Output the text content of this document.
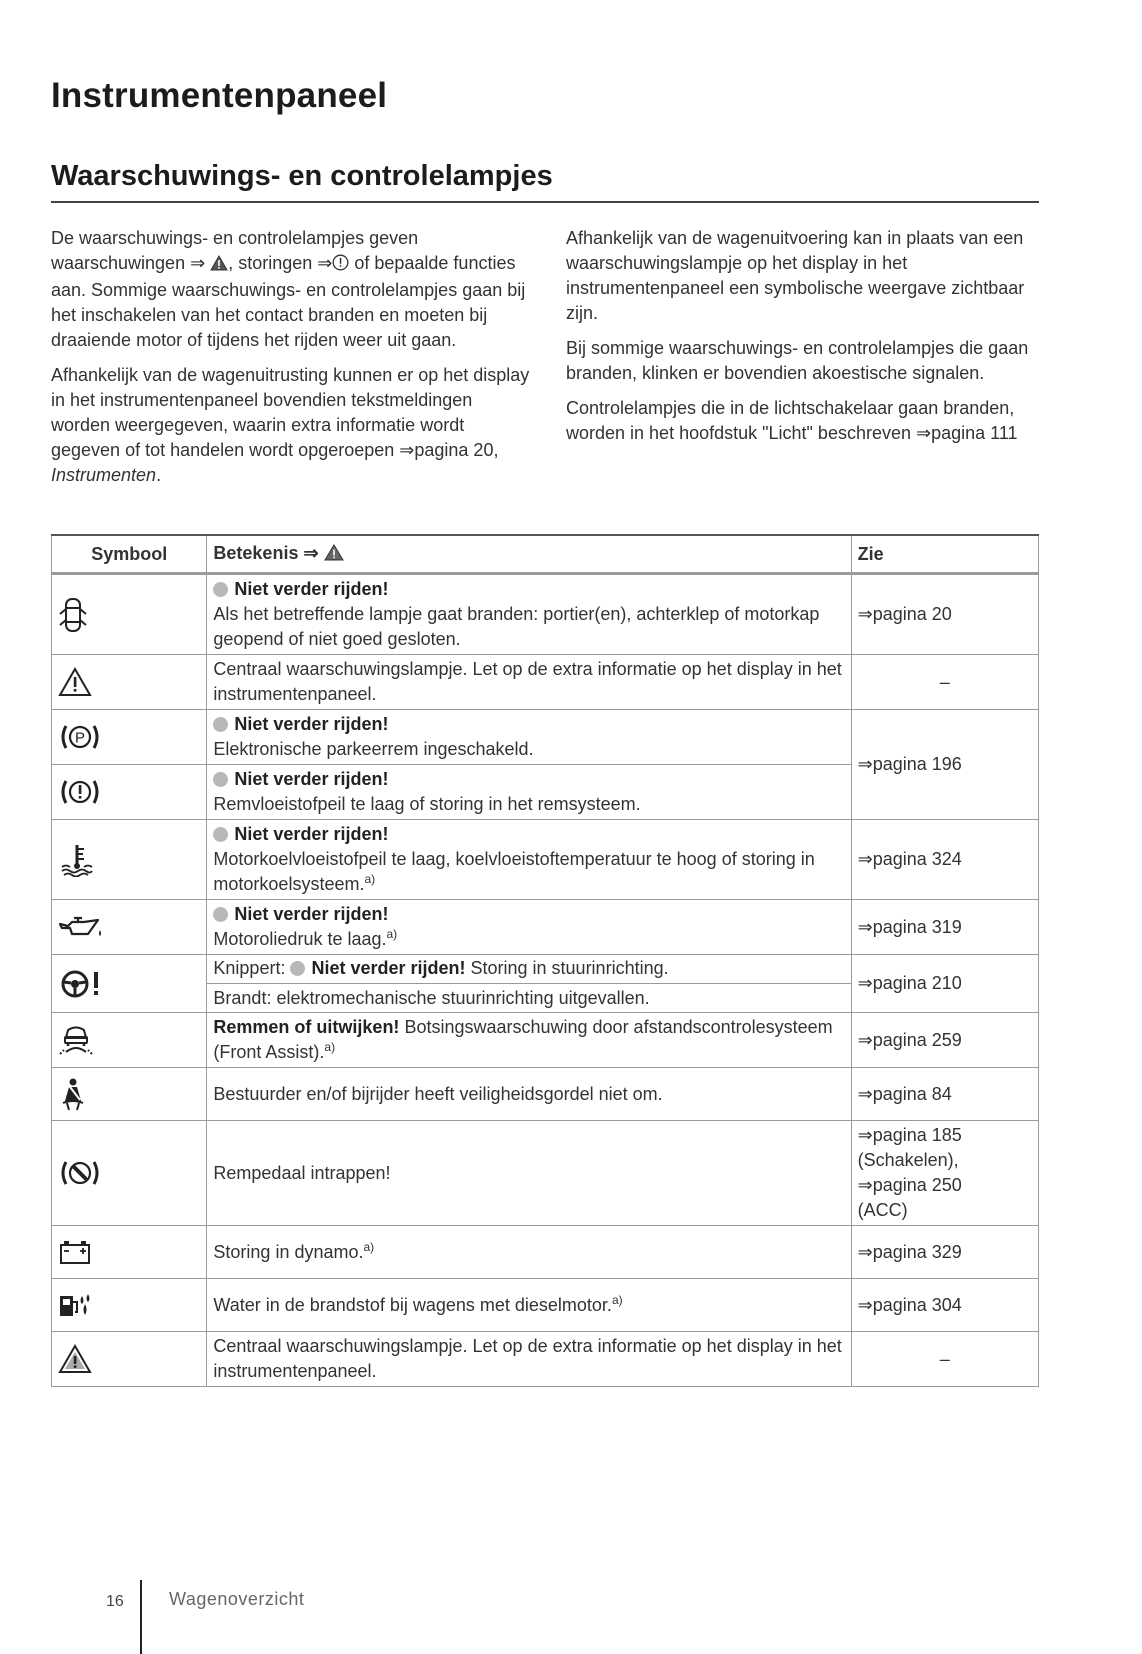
Instrumentenpaneel
Waarschuwings- en controlelampjes

De waarschuwings- en controlelampjes geven waarschuwingen ⇒ , storingen ⇒ of bepaalde functies aan. Sommige waarschuwings- en controlelampjes gaan bij het inschakelen van het contact branden en moeten bij draaiende motor of tijdens het rijden weer uit gaan.

Afhankelijk van de wagenuitrusting kunnen er op het display in het instrumentenpaneel bovendien tekstmeldingen worden weergegeven, waarin extra informatie wordt gegeven of tot handelen wordt opgeroepen ⇒pagina 20, Instrumenten.

Afhankelijk van de wagenuitvoering kan in plaats van een waarschuwingslampje op het display in het instrumentenpaneel een symbolische weergave zichtbaar zijn.

Bij sommige waarschuwings- en controlelampjes die gaan branden, klinken er bovendien akoestische signalen.

Controlelampjes die in de lichtschakelaar gaan branden, worden in het hoofdstuk "Licht" beschreven ⇒pagina 111

Symbool	Betekenis ⇒	Zie

Niet verder rijden!
Als het betreffende lampje gaat branden: portier(en), achterklep of motorkap geopend of niet goed gesloten.	⇒pagina 20
	Centraal waarschuwingslampje. Let op de extra informatie op het display in het instrumentenpaneel.	–

P	Niet verder rijden!
Elektronische parkeerrem ingeschakeld.	⇒pagina 196

Niet verder rijden!
Remvloeistofpeil te laag of storing in het remsysteem.	

Niet verder rijden!
Motorkoelvloeistofpeil te laag, koelvloeistoftemperatuur te hoog of storing in motorkoelsysteem.$^{a)}$	⇒pagina 324

Niet verder rijden!
Motoroliedruk te laag.$^{a)}$	⇒pagina 319

Knippert: Niet verder rijden! Storing in stuurinrichting.
Brandt: elektromechanische stuurinrichting uitgevallen.	⇒pagina 210
	Remmen of uitwijken! Botsingswaarschuwing door afstandscontrolesysteem (Front Assist).$^{a)}$	⇒pagina 259
	Bestuurder en/of bijrijder heeft veiligheidsgordel niet om.	⇒pagina 84
	Rempedaal intrappen!	⇒pagina 185
(Schakelen),
⇒pagina 250
(ACC)

	Storing in dynamo.$^{a)}$	⇒pagina 329
	Water in de brandstof bij wagens met dieselmotor.$^{a)}$	⇒pagina 304
	Centraal waarschuwingslampje. Let op de extra informatie op het display in het instrumentenpaneel.	–
16	Wagenoverzicht
